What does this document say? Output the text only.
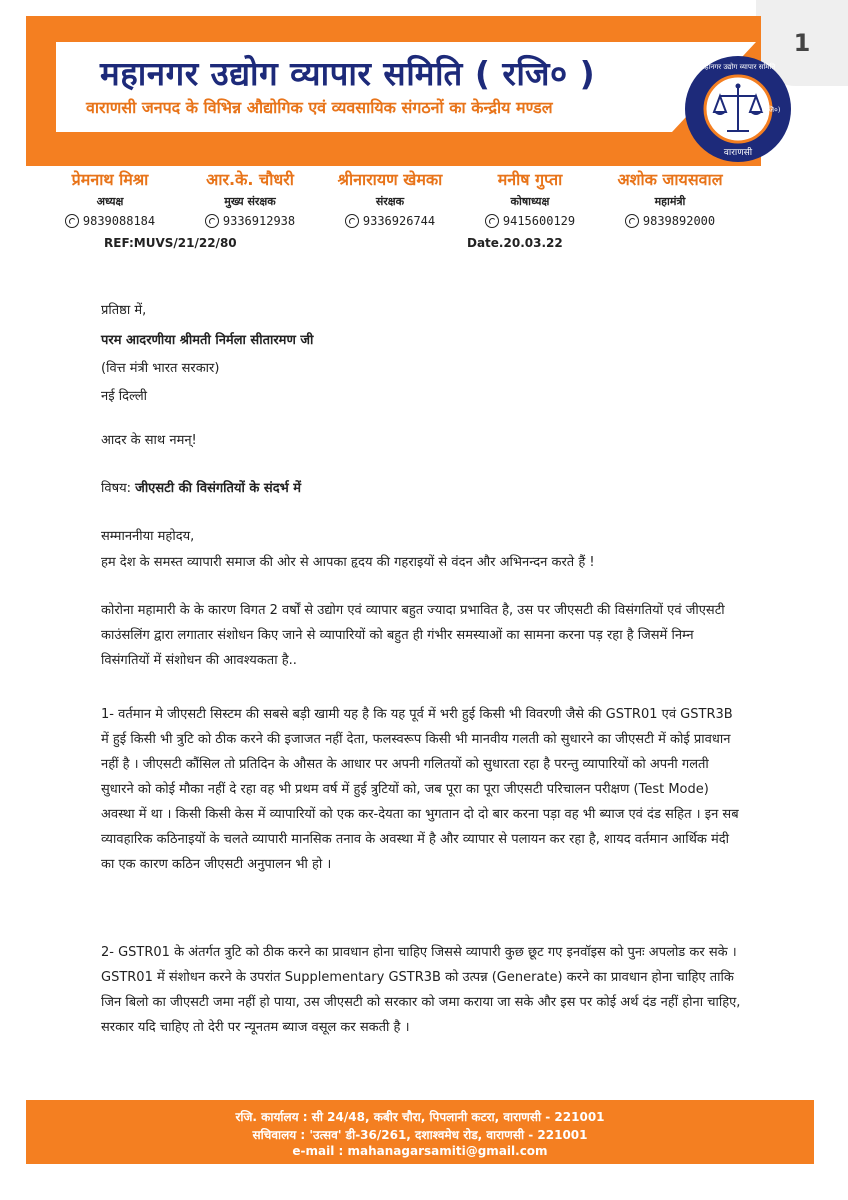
1
महानगर उद्योग व्यापार समिति ( रजि० )
वाराणसी जनपद के विभिन्न औद्योगिक एवं व्यवसायिक संगठनों का केन्द्रीय मण्डल
वाराणसी
महानगर उद्योग व्यापार समिति
(रजि०)
प्रेमनाथ मिश्रा
अध्यक्ष
9839088184
आर.के. चौधरी
मुख्य संरक्षक
9336912938
श्रीनारायण खेमका
संरक्षक
9336926744
मनीष गुप्ता
कोषाध्यक्ष
9415600129
अशोक जायसवाल
महामंत्री
9839892000
REF:MUVS/21/22/80	Date.20.03.22
प्रतिष्ठा में,
परम आदरणीया श्रीमती निर्मला सीतारमण जी
(वित्त मंत्री भारत सरकार)
नई दिल्ली
आदर के साथ नमन्!
विषय: जीएसटी की विसंगतियों के संदर्भ में
सम्माननीया महोदय,
हम देश के समस्त व्यापारी समाज की ओर से आपका हृदय की गहराइयों से वंदन और अभिनन्दन करते हैं !
कोरोना महामारी के के कारण विगत 2 वर्षों से उद्योग एवं व्यापार बहुत ज्यादा प्रभावित है, उस पर जीएसटी की विसंगतियों एवं जीएसटी काउंसलिंग द्वारा लगातार संशोधन किए जाने से व्यापारियों को बहुत ही गंभीर समस्याओं का सामना करना पड़ रहा है जिसमें निम्न विसंगतियों में संशोधन की आवश्यकता है..
1- वर्तमान मे जीएसटी सिस्टम की सबसे बड़ी खामी यह है कि यह पूर्व में भरी हुई किसी भी विवरणी जैसे की GSTR01 एवं GSTR3B में हुई किसी भी त्रुटि को ठीक करने की इजाजत नहीं देता, फलस्वरूप किसी भी मानवीय गलती को सुधारने का जीएसटी में कोई प्रावधान नहीं है । जीएसटी कौंसिल तो प्रतिदिन के औसत के आधार पर अपनी गलितयों को सुधारता रहा है परन्तु व्यापारियों को अपनी गलती सुधारने को कोई मौका नहीं दे रहा वह भी प्रथम वर्ष में हुई त्रुटियों को, जब पूरा का पूरा जीएसटी परिचालन परीक्षण (Test Mode) अवस्था में था । किसी किसी केस में व्यापारियों को एक कर-देयता का भुगतान दो दो बार करना पड़ा वह भी ब्याज एवं दंड सहित । इन सब व्यावहारिक कठिनाइयों के चलते व्यापारी मानसिक तनाव के अवस्था में है और व्यापार से पलायन कर रहा है, शायद वर्तमान आर्थिक मंदी का एक कारण कठिन जीएसटी अनुपालन भी हो ।
2- GSTR01 के अंतर्गत त्रुटि को ठीक करने का प्रावधान होना चाहिए जिससे व्यापारी कुछ छूट गए इनवॉइस को पुनः अपलोड कर सके । GSTR01 में संशोधन करने के उपरांत Supplementary GSTR3B को उत्पन्न (Generate) करने का प्रावधान होना चाहिए ताकि जिन बिलो का जीएसटी जमा नहीं हो पाया, उस जीएसटी को सरकार को जमा कराया जा सके और इस पर कोई अर्थ दंड नहीं होना चाहिए, सरकार यदि चाहिए तो देरी पर न्यूनतम ब्याज वसूल कर सकती है ।
रजि. कार्यालय : सी 24/48, कबीर चौरा, पिपलानी कटरा, वाराणसी - 221001
सचिवालय : 'उत्सव' डी-36/261, दशाश्वमेध रोड, वाराणसी - 221001
e-mail : mahanagarsamiti@gmail.com
